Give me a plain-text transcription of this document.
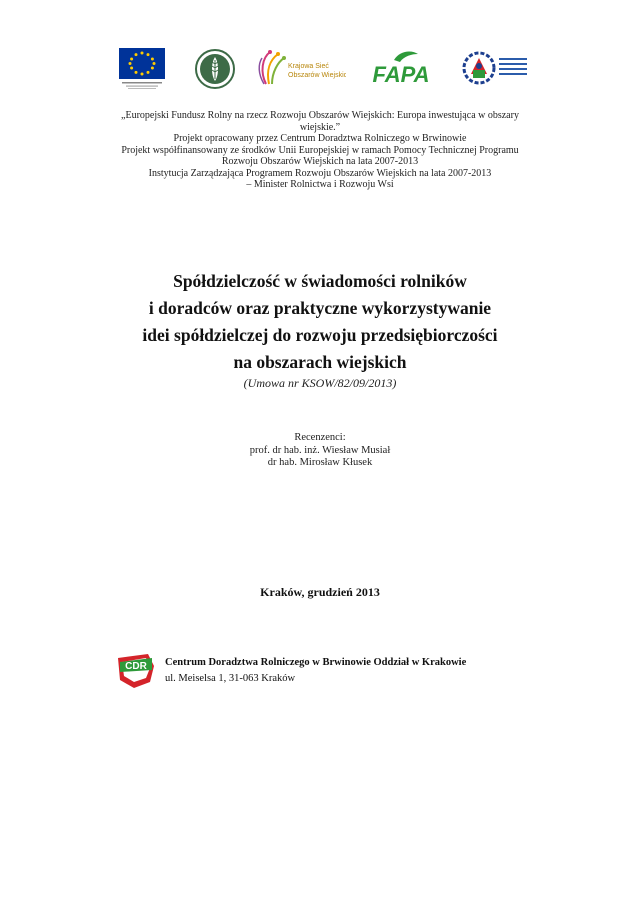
Krajowa Sieć
Obszarów Wiejskich FAPA
„Europejski Fundusz Rolny na rzecz Rozwoju Obszarów Wiejskich: Europa inwestująca w obszary
wiejskie.”
Projekt opracowany przez Centrum Doradztwa Rolniczego w Brwinowie
Projekt współfinansowany ze środków Unii Europejskiej w ramach Pomocy Technicznej Programu
Rozwoju Obszarów Wiejskich na lata 2007-2013
Instytucja Zarządzająca Programem Rozwoju Obszarów Wiejskich na lata 2007-2013
– Minister Rolnictwa i Rozwoju Wsi
Spółdzielczość w świadomości rolników
i doradców oraz praktyczne wykorzystywanie
idei spółdzielczej do rozwoju przedsiębiorczości
na obszarach wiejskich
(Umowa nr KSOW/82/09/2013)
Recenzenci:
prof. dr hab. inż. Wiesław Musiał
dr hab. Mirosław Kłusek
Kraków, grudzień 2013
CDR Centrum Doradztwa Rolniczego w Brwinowie Oddział w Krakowie
ul. Meiselsa 1, 31-063 Kraków
